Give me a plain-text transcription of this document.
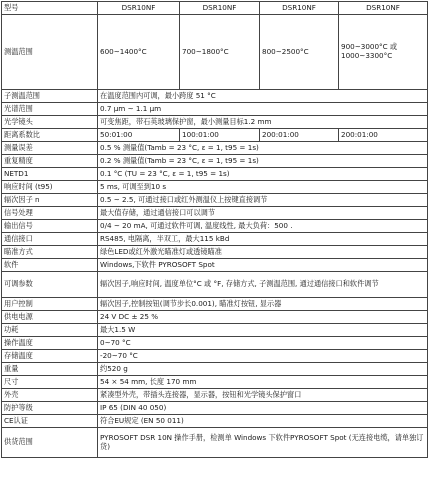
型号	DSR10NF	DSR10NF	DSR10NF	DSR10NF
测温范围	600~1400°C	700~1800°C	800~2500°C	900~3000°C 或 1000~3300°C
子测温范围	在温度范围内可调，最小跨度 51 °C			
光谱范围	0.7 µm ~ 1.1 µm			
光学镜头	可变焦距，带石英玻璃保护窗，最小测量目标1.2 mm			
距离系数比	50:01:00	100:01:00	200:01:00	200:01:00
测量误差	0.5 % 测量值(Tamb = 23 °C, ε = 1, t95 = 1s)			
重复精度	0.2 % 测量值(Tamb = 23 °C, ε = 1, t95 = 1s)			
NETD1	0.1 °C (TU = 23 °C, ε = 1, t95 = 1s)			
响应时间 (t95)	5 ms, 可调至到10 s			
辐次因子 n	0.5 ~ 2.5, 可通过接口或红外测温仪上按键直接调节			
信号处理	最大值存储，通过通信接口可以调节			
输出信号	0/4 ~ 20 mA, 可通过软件可调, 温度线性, 最大负荷：500 .			
通信接口	RS485, 电隔离，半双工，最大115 kBd			
瞄准方式	绿色LED或红外激光瞄准灯或透镜瞄准			
软件	Windows,下软件 PYROSOFT Spot			
可调参数	辐次因子,响应时间, 温度单位°C 或 °F, 存储方式, 子测温范围, 通过通信接口和软件调节			
用户控制	辐次因子,控制按钮(调节步长0.001), 瞄准灯按钮, 显示器			
供电电源	24 V DC ± 25 %			
功耗	最大1.5 W			
操作温度	0~70 °C			
存储温度	-20~70 °C			
重量	约520 g			
尺寸	54 × 54 mm, 长度 170 mm			
外壳	紧凑型外壳，带插头连接器，显示器，按钮和光学镜头保护窗口			
防护等级	IP 65 (DIN 40 050)			
CE认证	符合EU规定 (EN 50 011)			
供货范围	PYROSOFT DSR 10N 操作手册，检测单 Windows 下软件PYROSOFT Spot (无连接电缆，请单独订货)			
